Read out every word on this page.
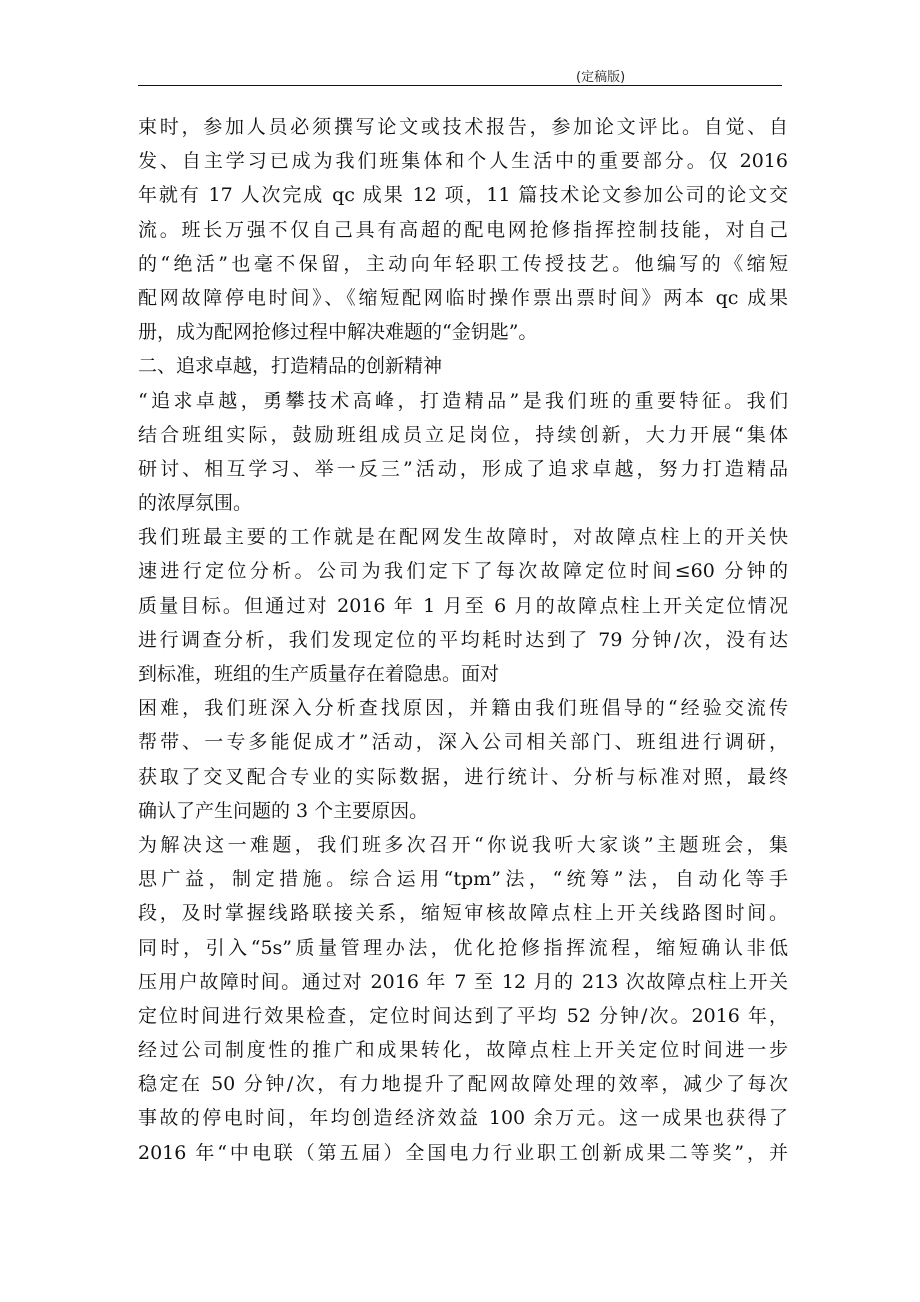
(定稿版)
束时，参加人员必须撰写论文或技术报告，参加论文评比。自觉、自
发、自主学习已成为我们班集体和个人生活中的重要部分。仅 2016
年就有 17 人次完成 qc 成果 12 项，11 篇技术论文参加公司的论文交
流。班长万强不仅自己具有高超的配电网抢修指挥控制技能，对自己
的“绝活”也毫不保留，主动向年轻职工传授技艺。他编写的《缩短
配网故障停电时间》、《缩短配网临时操作票出票时间》两本 qc 成果
册，成为配网抢修过程中解决难题的“金钥匙”。
二、追求卓越，打造精品的创新精神
“追求卓越，勇攀技术高峰，打造精品”是我们班的重要特征。我们
结合班组实际，鼓励班组成员立足岗位，持续创新，大力开展“集体
研讨、相互学习、举一反三”活动，形成了追求卓越，努力打造精品
的浓厚氛围。
我们班最主要的工作就是在配网发生故障时，对故障点柱上的开关快
速进行定位分析。公司为我们定下了每次故障定位时间≤60 分钟的
质量目标。但通过对 2016 年 1 月至 6 月的故障点柱上开关定位情况
进行调查分析，我们发现定位的平均耗时达到了 79 分钟/次，没有达
到标准，班组的生产质量存在着隐患。面对
困难，我们班深入分析查找原因，并籍由我们班倡导的“经验交流传
帮带、一专多能促成才”活动，深入公司相关部门、班组进行调研，
获取了交叉配合专业的实际数据，进行统计、分析与标准对照，最终
确认了产生问题的 3 个主要原因。
为解决这一难题，我们班多次召开“你说我听大家谈”主题班会，集
思广益，制定措施。综合运用“tpm”法，“统筹”法，自动化等手
段，及时掌握线路联接关系，缩短审核故障点柱上开关线路图时间。
同时，引入“5s”质量管理办法，优化抢修指挥流程，缩短确认非低
压用户故障时间。通过对 2016 年 7 至 12 月的 213 次故障点柱上开关
定位时间进行效果检查，定位时间达到了平均 52 分钟/次。2016 年，
经过公司制度性的推广和成果转化，故障点柱上开关定位时间进一步
稳定在 50 分钟/次，有力地提升了配网故障处理的效率，减少了每次
事故的停电时间，年均创造经济效益 100 余万元。这一成果也获得了
2016 年“中电联（第五届）全国电力行业职工创新成果二等奖”，并
